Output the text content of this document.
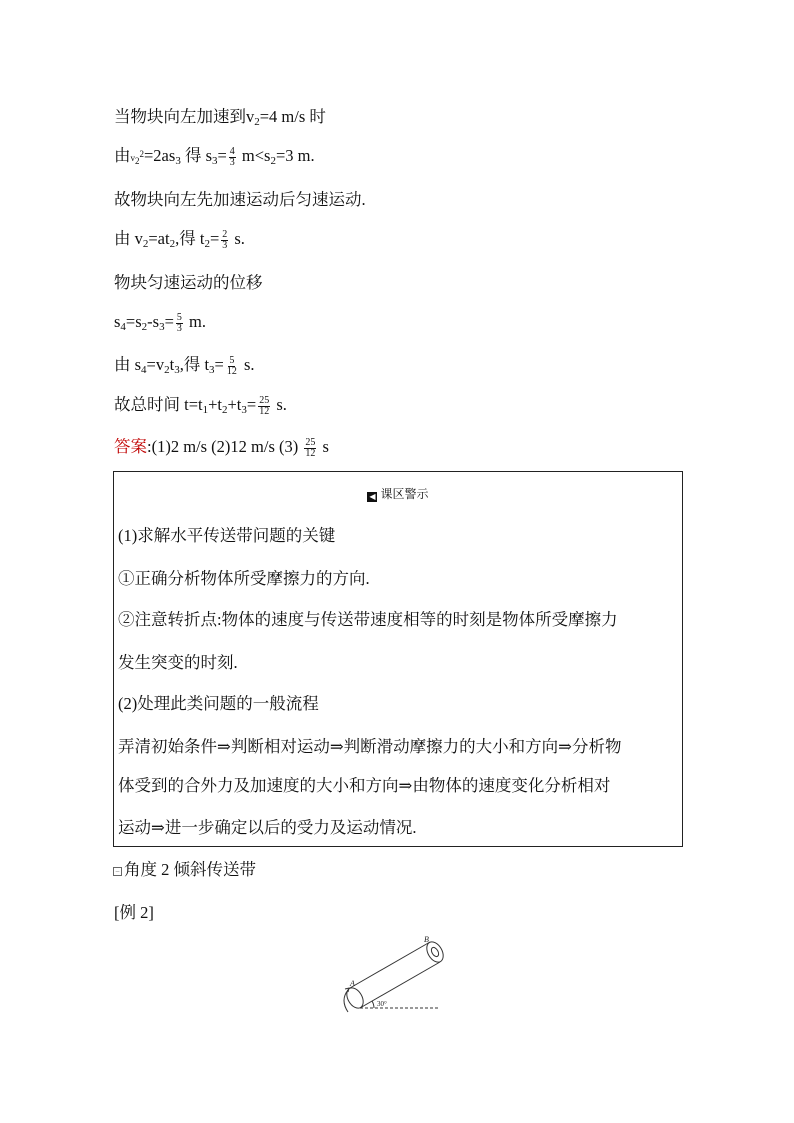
当物块向左加速到$v_2=4$ m/s 时
由$v_2^2=2as_3$ 得 $s_3= \frac{4}{3} m<s_2=3$ m.
故物块向左先加速运动后匀速运动.
由 $v_2=at_2$,得 $t_2= \frac{2}{3} s$.
物块匀速运动的位移
$s_4=s_2-s_3= \frac{5}{3} m$.
由 $s_4=v_2t_3$,得 $t_3= \frac{5}{12} s$.
故总时间 $t=t_1+t_2+t_3= \frac{25}{12} s$.
答案:(1)2 m/s (2)12 m/s $(3) \frac{25}{12}$ s
◀ 课区警示
(1)求解水平传送带问题的关键
①正确分析物体所受摩擦力的方向.
②注意转折点:物体的速度与传送带速度相等的时刻是物体所受摩擦力
发生突变的时刻.
(2)处理此类问题的一般流程
弄清初始条件⇒判断相对运动⇒判断滑动摩擦力的大小和方向⇒分析物
体受到的合外力及加速度的大小和方向⇒由物体的速度变化分析相对
运动⇒进一步确定以后的受力及运动情况.
− 角度 2 倾斜传送带
[例 2]
A
B
30°
